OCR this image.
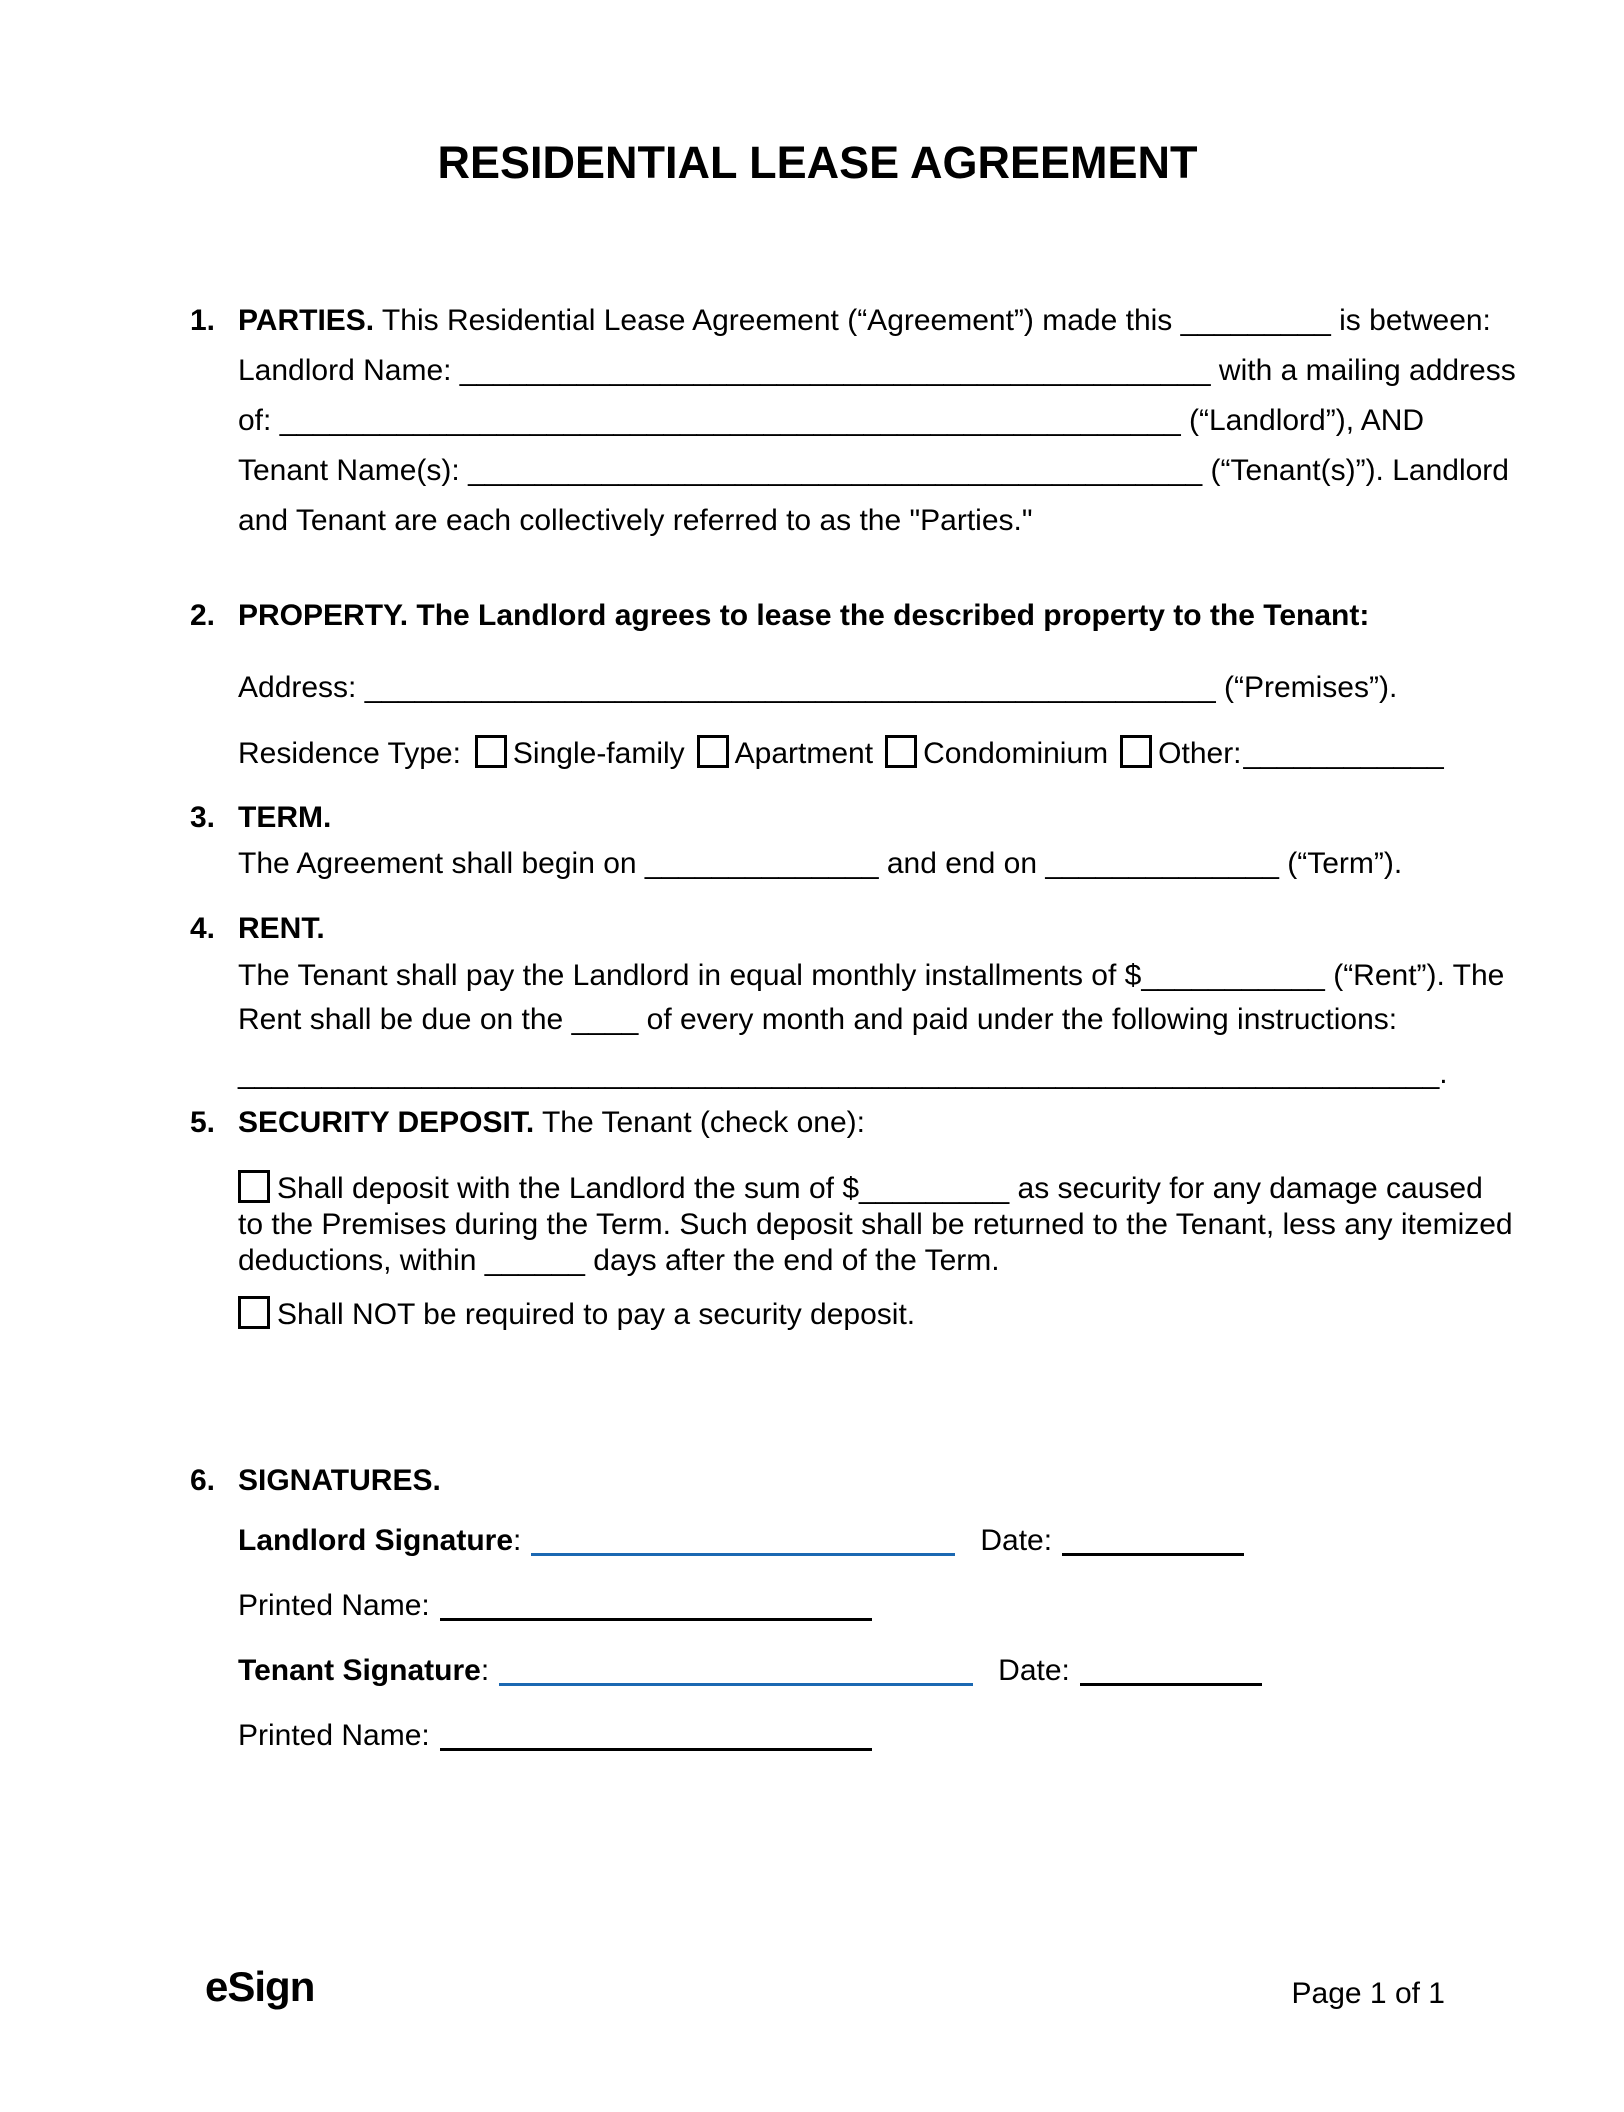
RESIDENTIAL LEASE AGREEMENT
1. PARTIES. This Residential Lease Agreement (“Agreement”) made this _________ is between:
Landlord Name: _____________________________________________ with a mailing address
of: ______________________________________________________ (“Landlord”), AND
Tenant Name(s): ____________________________________________ (“Tenant(s)”). Landlord
and Tenant are each collectively referred to as the "Parties."
2. PROPERTY. The Landlord agrees to lease the described property to the Tenant:
Address: ___________________________________________________ (“Premises”).
Residence Type: Single-family Apartment Condominium Other:____________
3. TERM.
The Agreement shall begin on ______________ and end on ______________ (“Term”).
4. RENT.
The Tenant shall pay the Landlord in equal monthly installments of $___________ (“Rent”). The
Rent shall be due on the ____ of every month and paid under the following instructions:
________________________________________________________________________.
5. SECURITY DEPOSIT. The Tenant (check one):
Shall deposit with the Landlord the sum of $_________ as security for any damage caused
to the Premises during the Term. Such deposit shall be returned to the Tenant, less any itemized
deductions, within ______ days after the end of the Term.
Shall NOT be required to pay a security deposit.
6. SIGNATURES.
Landlord Signature:	Date:
Printed Name:
Tenant Signature:	Date:
Printed Name:
eSign	Page 1 of 1
